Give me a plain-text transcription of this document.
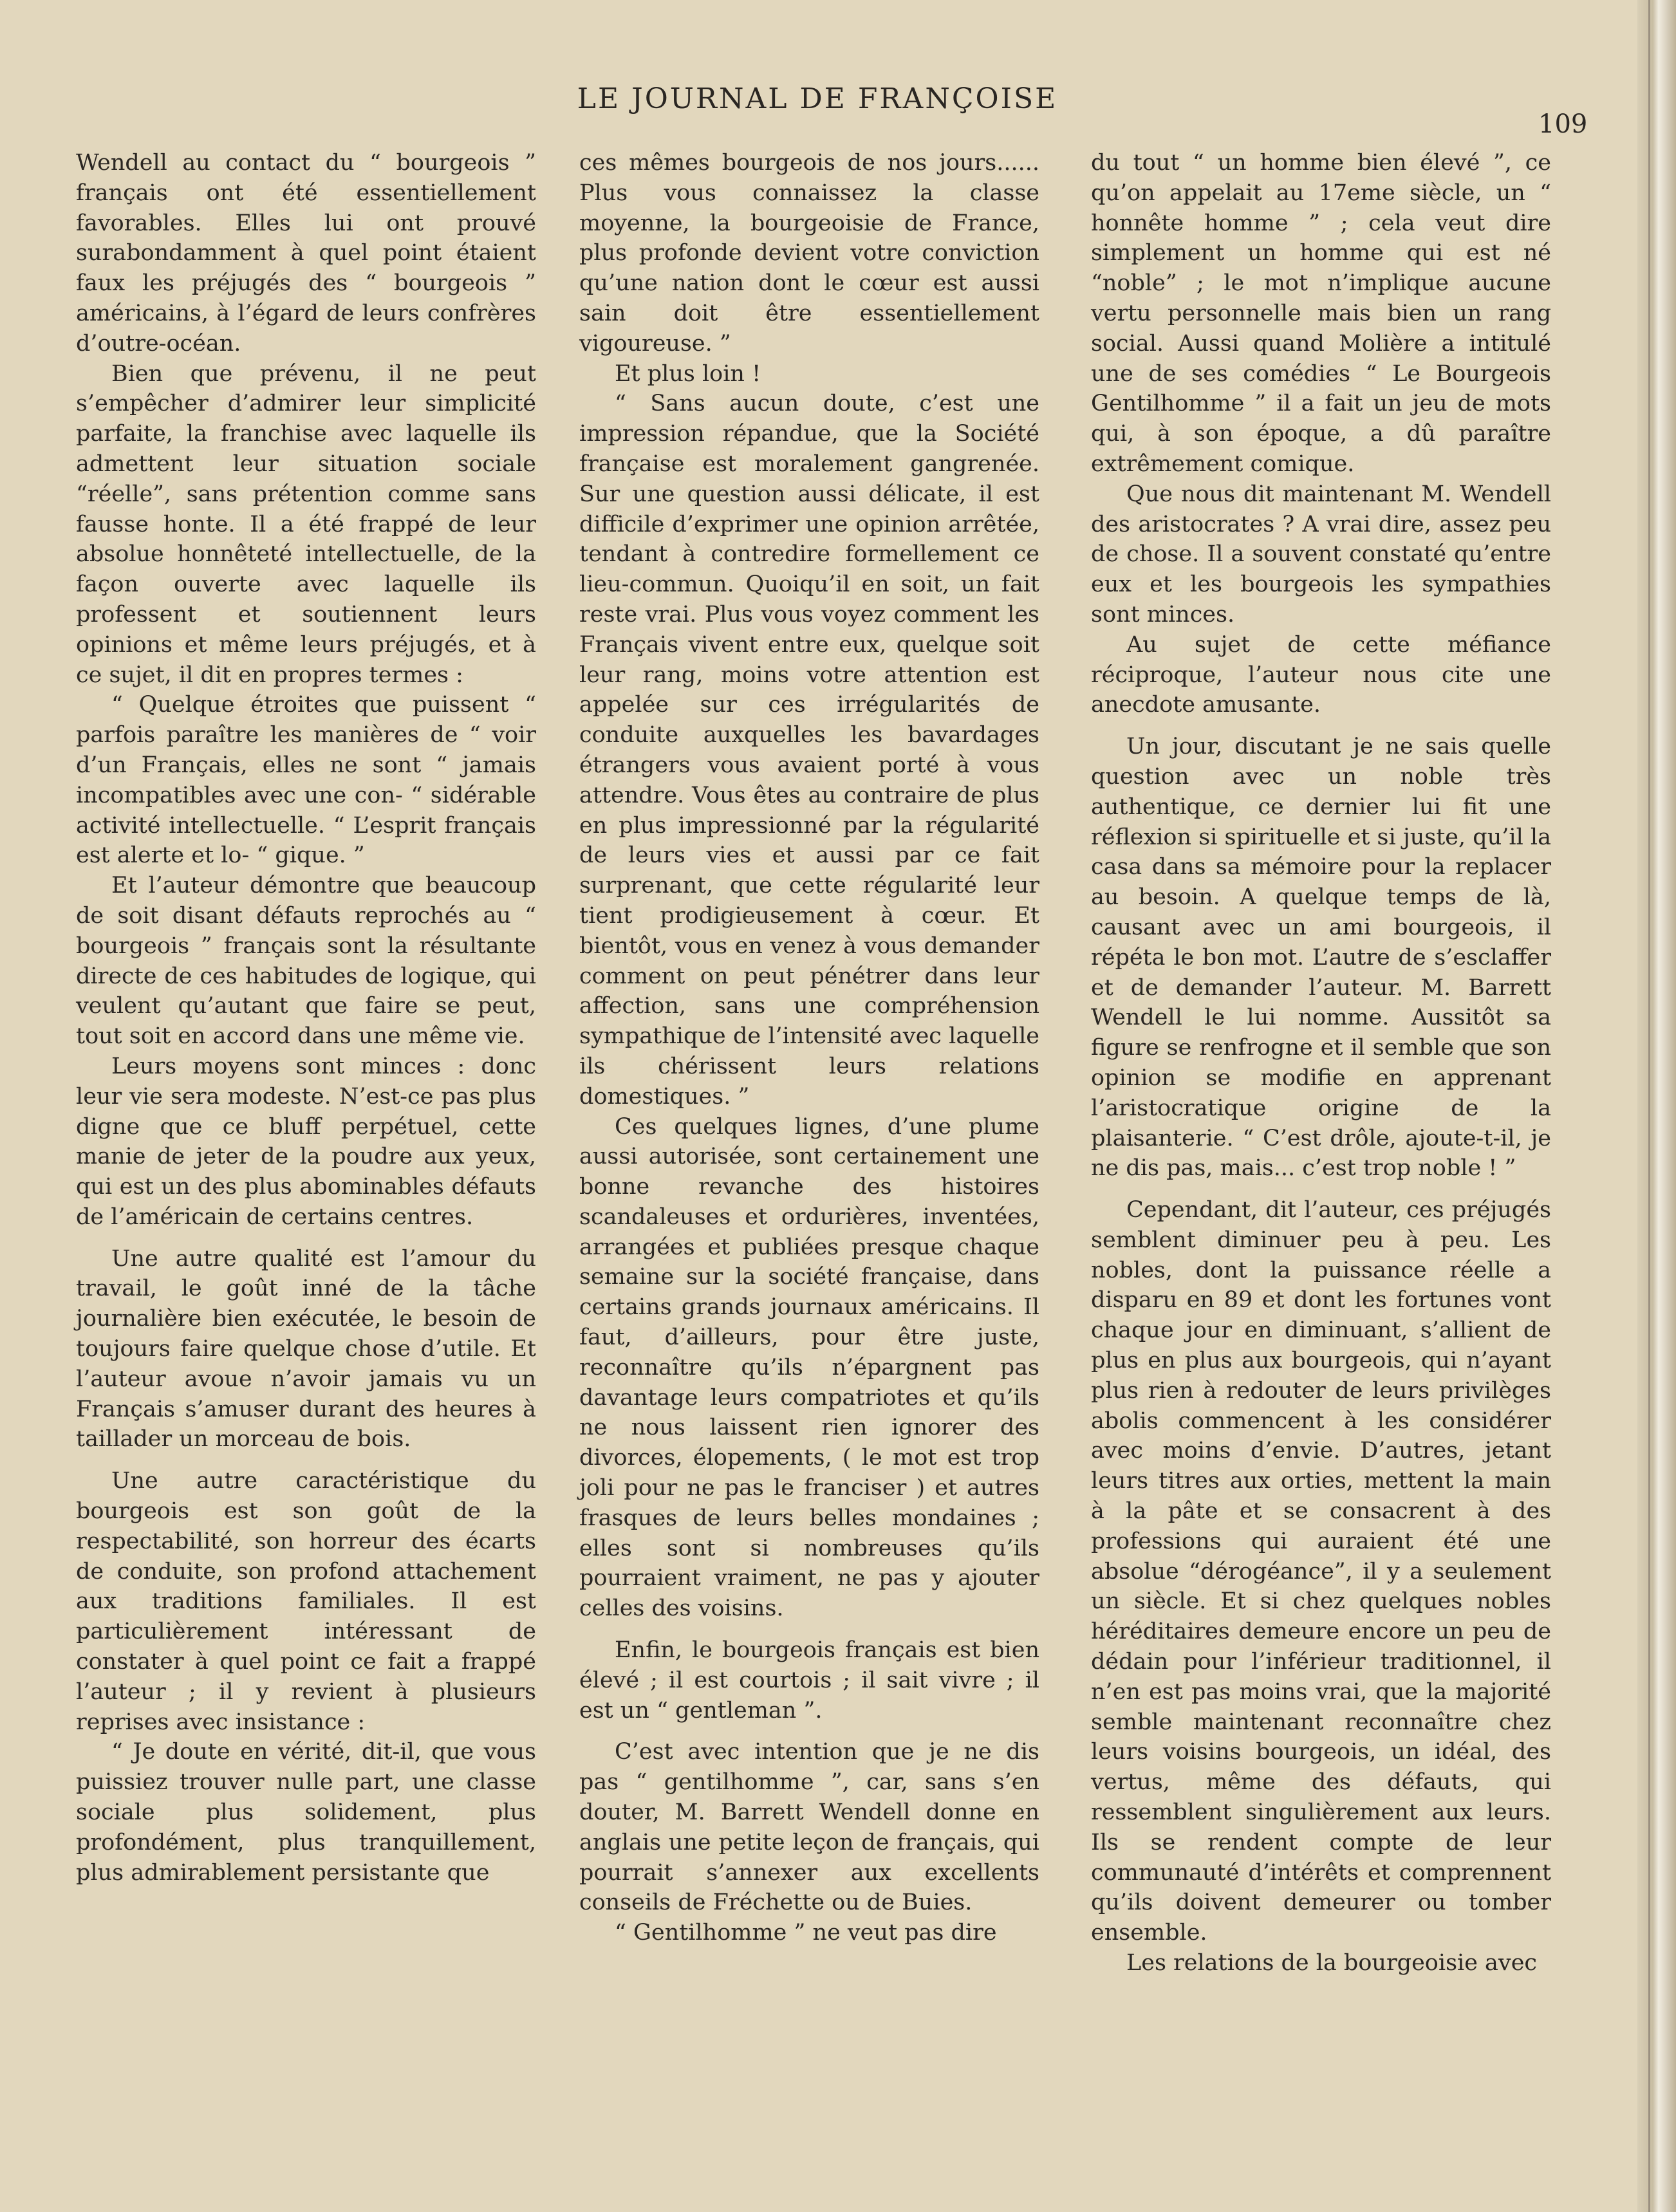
LE JOURNAL DE FRANÇOISE
109

Wendell au contact du “ bourgeois ” français ont été essentiellement favorables. Elles lui ont prouvé surabondamment à quel point étaient faux les préjugés des “ bourgeois ” américains, à l’égard de leurs confrères d’outre-océan.

Bien que prévenu, il ne peut s’empêcher d’admirer leur simplicité parfaite, la franchise avec laquelle ils admettent leur situation sociale “réelle”, sans prétention comme sans fausse honte. Il a été frappé de leur absolue honnêteté intellectuelle, de la façon ouverte avec laquelle ils professent et soutiennent leurs opinions et même leurs préjugés, et à ce sujet, il dit en propres termes :

“ Quelque étroites que puissent “ parfois paraître les manières de “ voir d’un Français, elles ne sont “ jamais incompatibles avec une con- “ sidérable activité intellectuelle. “ L’esprit français est alerte et lo- “ gique. ”

Et l’auteur démontre que beaucoup de soit disant défauts reprochés au “ bourgeois ” français sont la résultante directe de ces habitudes de logique, qui veulent qu’autant que faire se peut, tout soit en accord dans une même vie.

Leurs moyens sont minces : donc leur vie sera modeste. N’est-ce pas plus digne que ce bluff perpétuel, cette manie de jeter de la poudre aux yeux, qui est un des plus abominables défauts de l’américain de certains centres.

Une autre qualité est l’amour du travail, le goût inné de la tâche journalière bien exécutée, le besoin de toujours faire quelque chose d’utile. Et l’auteur avoue n’avoir jamais vu un Français s’amuser durant des heures à taillader un morceau de bois.

Une autre caractéristique du bourgeois est son goût de la respectabilité, son horreur des écarts de conduite, son profond attachement aux traditions familiales. Il est particulièrement intéressant de constater à quel point ce fait a frappé l’auteur ; il y revient à plusieurs reprises avec insistance :

“ Je doute en vérité, dit-il, que vous puissiez trouver nulle part, une classe sociale plus solidement, plus profondément, plus tranquillement, plus admirablement persistante que

ces mêmes bourgeois de nos jours...... Plus vous connaissez la classe moyenne, la bourgeoisie de France, plus profonde devient votre conviction qu’une nation dont le cœur est aussi sain doit être essentiellement vigoureuse. ”

Et plus loin !

“ Sans aucun doute, c’est une impression répandue, que la Société française est moralement gangrenée. Sur une question aussi délicate, il est difficile d’exprimer une opinion arrêtée, tendant à contredire formellement ce lieu-commun. Quoiqu’il en soit, un fait reste vrai. Plus vous voyez comment les Français vivent entre eux, quelque soit leur rang, moins votre attention est appelée sur ces irrégularités de conduite auxquelles les bavardages étrangers vous avaient porté à vous attendre. Vous êtes au contraire de plus en plus impressionné par la régularité de leurs vies et aussi par ce fait surprenant, que cette régularité leur tient prodigieusement à cœur. Et bientôt, vous en venez à vous demander comment on peut pénétrer dans leur affection, sans une compréhension sympathique de l’intensité avec laquelle ils chérissent leurs relations domestiques. ”

Ces quelques lignes, d’une plume aussi autorisée, sont certainement une bonne revanche des histoires scandaleuses et ordurières, inventées, arrangées et publiées presque chaque semaine sur la société française, dans certains grands journaux américains. Il faut, d’ailleurs, pour être juste, reconnaître qu’ils n’épargnent pas davantage leurs compatriotes et qu’ils ne nous laissent rien ignorer des divorces, élopements, ( le mot est trop joli pour ne pas le franciser ) et autres frasques de leurs belles mondaines ; elles sont si nombreuses qu’ils pourraient vraiment, ne pas y ajouter celles des voisins.

Enfin, le bourgeois français est bien élevé ; il est courtois ; il sait vivre ; il est un “ gentleman ”.

C’est avec intention que je ne dis pas “ gentilhomme ”, car, sans s’en douter, M. Barrett Wendell donne en anglais une petite leçon de français, qui pourrait s’annexer aux excellents conseils de Fréchette ou de Buies.

“ Gentilhomme ” ne veut pas dire

du tout “ un homme bien élevé ”, ce qu’on appelait au 17eme siècle, un “ honnête homme ” ; cela veut dire simplement un homme qui est né “noble” ; le mot n’implique aucune vertu personnelle mais bien un rang social. Aussi quand Molière a intitulé une de ses comédies “ Le Bourgeois Gentilhomme ” il a fait un jeu de mots qui, à son époque, a dû paraître extrêmement comique.

Que nous dit maintenant M. Wendell des aristocrates ? A vrai dire, assez peu de chose. Il a souvent constaté qu’entre eux et les bourgeois les sympathies sont minces.

Au sujet de cette méfiance réciproque, l’auteur nous cite une anecdote amusante.

Un jour, discutant je ne sais quelle question avec un noble très authentique, ce dernier lui fit une réflexion si spirituelle et si juste, qu’il la casa dans sa mémoire pour la replacer au besoin. A quelque temps de là, causant avec un ami bourgeois, il répéta le bon mot. L’autre de s’esclaffer et de demander l’auteur. M. Barrett Wendell le lui nomme. Aussitôt sa figure se renfrogne et il semble que son opinion se modifie en apprenant l’aristocratique origine de la plaisanterie. “ C’est drôle, ajoute-t-il, je ne dis pas, mais... c’est trop noble ! ”

Cependant, dit l’auteur, ces préjugés semblent diminuer peu à peu. Les nobles, dont la puissance réelle a disparu en 89 et dont les fortunes vont chaque jour en diminuant, s’allient de plus en plus aux bourgeois, qui n’ayant plus rien à redouter de leurs privilèges abolis commencent à les considérer avec moins d’envie. D’autres, jetant leurs titres aux orties, mettent la main à la pâte et se consacrent à des professions qui auraient été une absolue “dérogéance”, il y a seulement un siècle. Et si chez quelques nobles héréditaires demeure encore un peu de dédain pour l’inférieur traditionnel, il n’en est pas moins vrai, que la majorité semble maintenant reconnaître chez leurs voisins bourgeois, un idéal, des vertus, même des défauts, qui ressemblent singulièrement aux leurs. Ils se rendent compte de leur communauté d’intérêts et comprennent qu’ils doivent demeurer ou tomber ensemble.

Les relations de la bourgeoisie avec
